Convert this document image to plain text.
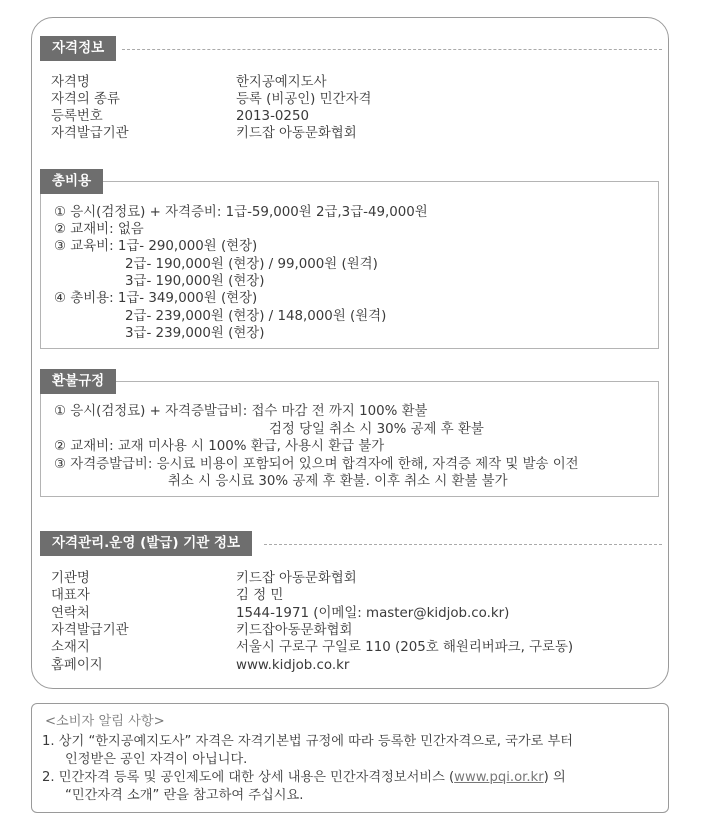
자격정보
자격명	한지공예지도사
자격의 종류	등록 (비공인) 민간자격
등록번호	2013-0250
자격발급기관	키드잡 아동문화협회
총비용
① 응시(검정료) + 자격증비: 1급-59,000원 2급,3급-49,000원
② 교재비: 없음
③ 교육비: 1급- 290,000원 (현장)
2급- 190,000원 (현장) / 99,000원 (원격)
3급- 190,000원 (현장)
④ 총비용: 1급- 349,000원 (현장)
2급- 239,000원 (현장) / 148,000원 (원격)
3급- 239,000원 (현장)
환불규정
① 응시(검정료) + 자격증발급비: 접수 마감 전 까지 100% 환불
검정 당일 취소 시 30% 공제 후 환불
② 교재비: 교재 미사용 시 100% 환급, 사용시 환급 불가
③ 자격증발급비: 응시료 비용이 포함되어 있으며 합격자에 한해, 자격증 제작 및 발송 이전
취소 시 응시료 30% 공제 후 환불. 이후 취소 시 환불 불가
자격관리.운영 (발급) 기관 정보
기관명	키드잡 아동문화협회
대표자	김 정 민
연락처	1544-1971 (이메일: master@kidjob.co.kr)
자격발급기관	키드잡아동문화협회
소재지	서울시 구로구 구일로 110 (205호 해원리버파크, 구로동)
홈페이지	www.kidjob.co.kr
<소비자 알림 사항>
1. 상기 “한지공예지도사” 자격은 자격기본법 규정에 따라 등록한 민간자격으로, 국가로 부터
인정받은 공인 자격이 아닙니다.
2. 민간자격 등록 및 공인제도에 대한 상세 내용은 민간자격정보서비스 (www.pqi.or.kr) 의
“민간자격 소개” 란을 참고하여 주십시요.
